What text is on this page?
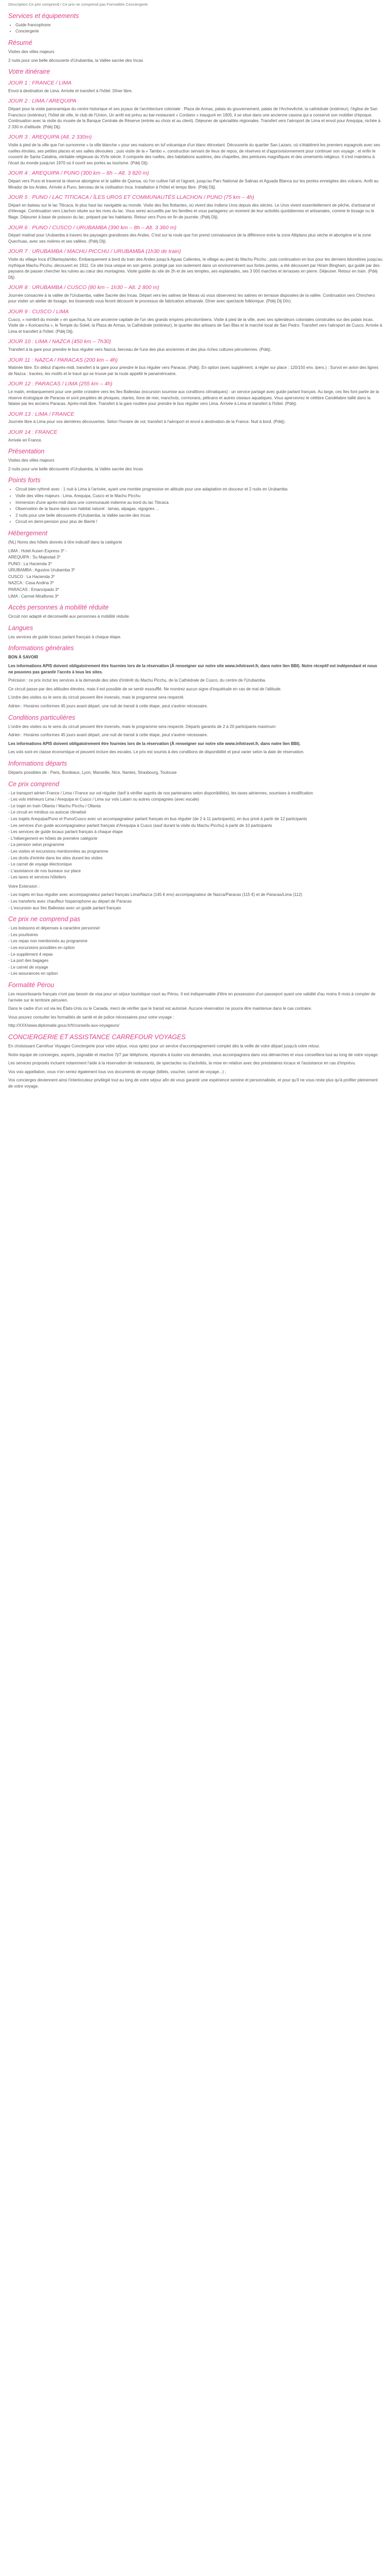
Description Ce prix comprend / Ce prix ne comprend pas Formalités Conciergerie

Services et équipements
• Guide francophone
• Conciergerie
Résumé

Visites des villes majeurs

2 nuits pour une belle découverte d'Urubamba, la Vallée sacrée des Incas

Votre itinéraire
JOUR 1 : FRANCE / LIMA

Envol à destination de Lima. Arrivée et transfert à l'hôtel. Dîner libre.

JOUR 2 : LIMA / AREQUIPA

Départ pour la visite panoramique du centre historique et ses joyaux de l'architecture coloniale : Plaza de Armas, palais du gouvernement, palais de l'Archevêché, la cathédrale (extérieur), l'église de San Francisco (extérieur), l'hôtel de ville, le club de l'Union, Un arrêt est prévu au bar-restaurant « Cordano » inauguré en 1905, il se situe dans une ancienne casona qui a conservé son mobilier d'époque. Continuation avec la visite du musée de la Banque Centrale de Réserve (entrée au choix et au client). Déjeuner de spécialités régionales. Transfert vers l'aéroport de Lima et envol pour Arequipa, nichée à 2 330 m d'altitude. (Pdéj Dlj).

JOUR 3 : AREQUIPA (Alt. 2 330m)

Visite à pied de la ville que l'on surnomme « la ville blanche » pour ses maisons en tuf volcanique d'un blanc étincelant. Découverte du quartier San Lazaro, où s'établirent les premiers espagnols avec ses ruelles étroites, ses petites places et ses salles dévouées ; puis visite de la « Tambo », construction servant de lieux de repos, de réserves et d'approvisionnement pour continuer son voyage ; et enfin le couvent de Santa Catalina, véritable religieuse du XVIe siècle. Il comporte des ruelles, des habitations austères, des chapelles, des peintures magnifiques et des ornements religieux. Il s'est maintenu à l'écart du monde jusqu'en 1970 où il ouvrit ses portes au tourisme. (Pdéj Dlj).

JOUR 4 : AREQUIPA / PUNO (300 km – 6h – Alt. 3 820 m)

Départ vers Puno et traversé la réserve aborigène et le sallée de Quinoa, où l'on cultive l'aïl et l'agrant, jusqu'au Parc National de Salinas et Aguada Blanca sur les pentes enneigées des volcans. Arrêt au Mirador de los Andes. Arrivée à Puno, berceau de la civilisation Inca. Installation à l'hôtel et temps libre. (Pdéj Dlj).

JOUR 5 : PUNO / LAC TITICACA / ÎLES UROS ET COMMUNAUTÉS LLACHON / PUNO (75 km – 4h)

Départ en bateau sur le lac Titicaca, le plus haut lac navigable au monde. Visite des îles flottantes, où vivent des Indiens Uros depuis des siècles. Le Uros vivent essentiellement de pêche, d'artisanat et d'élevage. Continuation vers Llachon située sur les rives du lac. Vous serez accueillis par les familles et vous partagerez un moment de leur activités quotidiennes et artisanales, comme le tissage ou le filage. Déjeuner à base de poisson du lac, préparé par les habitants. Retour vers Puno en fin de journée. (Pdéj Dlj).

JOUR 6 : PUNO / CUSCO / URUBAMBA (390 km – 8h – Alt. 3 360 m)

Départ matinal pour Urubamba à travers les paysages grandioses des Andes. C'est sur la route que l'on prend connaissance de la différence entre la zone Altiplano plus sèche et aborigène et la zone Quechuas, avec ses rivières et ses vallées. (Pdéj Dlj).

JOUR 7 : URUBAMBA / MACHU PICCHU / URUBAMBA (1h30 de train)

Visite du village Inca d'Ollantaytambo. Embarquement à bord du train des Andes jusqu'à Aguas Calientes, le village au pied du Machu Picchu ; puis continuation en bus pour les derniers kilomètres jusqu'au mythique Machu Picchu, découvert en 1911. Ce site Inca unique en son genre, protégé par son isolement dans un environnement aux fortes pentes, a été découvert par Hiram Bingham, qui guidé par des paysans de passer chercher les ruines au cœur des montagnes. Visite guidée du site de 2h et de ses temples, ses esplanades, ses 3 000 marches et terrasses en pierre. Déjeuner. Retour en train. (Pdéj Dlj).

JOUR 8 : URUBAMBA / CUSCO (80 km – 1h30 – Alt. 2 800 m)

Journée consacrée à la vallée de l'Urubamba, vallée Sacrée des Incas. Départ vers les salines de Maras où vous observerez les salines en terrasse disposées de la vallée. Continuation vers Chinchero pour visiter un atelier de tissage, les tisserands vous feront découvrir le processus de fabrication artisanale. Dîner avec spectacle folklorique. (Pdéj Dlj Dîn).

JOUR 9 : CUSCO / LIMA

Cusco, « nombril du monde » en quechua, fut une ancienne capitale de l'un des grands empires précolombiens. Visite à pied de la ville, avec ses splendeurs coloniales construites sur des palais incas. Visite de « Koricancha », le Temple du Soleil, la Plaza de Armas, la Cathédrale (extérieur), le quartier des artisans de San Blas et le marché local de San Pedro. Transfert vers l'aéroport de Cusco. Arrivée à Lima et transfert à l'hôtel. (Pdéj Dlj).

JOUR 10 : LIMA / NAZCA (450 km – 7h30)

Transfert à la gare pour prendre le bus régulier vers Nazca, berceau de l'une des plus anciennes et des plus riches cultures péruviennes. (Pdéj).

JOUR 11 : NAZCA / PARACAS (200 km – 4h)

Matinée libre. En début d'après-midi, transfert à la gare pour prendre le bus régulier vers Paracas. (Pdéj). En option (avec supplément, à régler sur place : 120/150 env. /pers.) : Survol en avion des lignes de Nazca : tracées, les motifs et le tracé qui se trouve par la route appellé le panaméricaine.

JOUR 12 : PARACAS / LIMA (255 km – 4h)

Le matin, embarquement pour une petite croisière vers les îles Ballestas (excursion soumise aux conditions climatiques) : un service partagé avec guide parlant français. Au large, ces îles font partie de la réserve écologique de Paracas et sont peuplées de phoques, otaries, lions de mer, manchots, cormorans, pélicans et autres oiseaux aquatiques. Vous apercevrez le célèbre Candélabre taillé dans la falaise par les anciens Paracas. Après-midi libre. Transfert à la gare routière pour prendre le bus régulier vers Lima. Arrivée à Lima et transfert à l'hôtel. (Pdéj).

JOUR 13 : LIMA / FRANCE

Journée libre à Lima pour vos dernières découvertes. Selon l'horaire de vol, transfert à l'aéroport et envol à destination de la France. Nuit à bord. (Pdéj).

JOUR 14 : FRANCE

Arrivée en France.

Présentation

Visites des villes majeurs

2 nuits pour une belle découverte d'Urubamba, la Vallée sacrée des Incas

Points forts
• Circuit bien rythmé avec : 1 nuit à Lima à l'arrivée, ayant une montée progressive en altitude pour une adaptation en douceur et 2 nuits en Urubamba
• Visite des villes majeurs : Lima, Arequipa, Cusco et le Machu Picchu
• Immersion d'une après-midi dans une communauté indienne au bord du lac Titicaca
• Observation de la faune dans son habitat naturel : lamas, alpagas, vigognes ...
• 2 nuits pour une belle découverte d'Urubamba, la Vallée sacrée des Incas
• Circuit en demi-pension pour plus de liberté !
Hébergement

(NL) Noms des hôtels donnés à titre indicatif dans la catégorie

LIMA : Hotel Ausen Express 3* -
AREQUIPA : Su Majestad 3*
PUNO : La Hacienda 3*
URUBAMBA : Agustos Urubamba 3*
CUSCO : La Hacienda 3*
NAZCA : Casa Andina 3*
PARACAS : Emancipado 3*
LIMA : Carmel Miraflores 3*
Accès personnes à mobilité réduite

Circuit non adapté et déconseillé aux personnes à mobilité réduite.

Langues

Les services de guide locaux parlant français à chaque étape.

Informations générales

BON À SAVOIR

Les informations APIS doivent obligatoirement être fournies lors de la réservation (À renseigner sur notre site www.infotravel.fr, dans notre lien BBI). Notre réceptif est indépendant et nous ne pouvons pas garantir l'accès à tous les sites.

Précision : ce prix inclut les services à la demande des sites d'intérêt du Machu Picchu, de la Cathédrale de Cusco, du centre de l'Urubamba.

Ce circuit passe par des altitudes élevées, mais il est possible de se sentir essoufflé. Ne montrez aucun signe d'inquiétude en cas de mal de l'altitude.

L'ordre des visites ou le sens du circuit peuvent être inversés, mais le programme sera respecté.

Adrien : Horaires conformes 45 jours avant départ, une nuit de transit à cette étape, peut s'avérer nécessaire.

Conditions particulières

L'ordre des visites ou le sens du circuit peuvent être inversés, mais le programme sera respecté. Départs garantis de 2 à 20 participants maximum

Adrien : Horaires conformes 45 jours avant départ, une nuit de transit à cette étape, peut s'avérer nécessaire.

Les informations APIS doivent obligatoirement être fournies lors de la réservation (À renseigner sur notre site www.infotravel.fr, dans notre lien BBI).

Les vols sont en classe économique et peuvent inclure des escales. Le prix est soumis à des conditions de disponibilité et peut varier selon la date de réservation.

Informations départs

Départs possibles de : Paris, Bordeaux, Lyon, Marseille, Nice, Nantes, Strasbourg, Toulouse

Ce prix comprend
- Le transport aérien France / Lima / France sur vol régulier (tarif à vérifier auprès de nos partenaires selon disponibilités), les taxes aériennes, soumises à modification
- Les vols intérieurs Lima / Arequipa et Cusco / Lima sur vols Latam ou autres compagnies (avec escale)
- Le trajet en train Ollanta / Machu Picchu / Ollanta
- Le circuit en minibus ou autocar climatisé
- Les trajets Arequipa/Puno et Puno/Cusco avec un accompagnateur parlant français en bus régulier (de 2 à 11 participants), en bus privé à partir de 12 participants
- Les services d'un guide accompagnateur parlant français d'Arequipa à Cusco (sauf durant la visite du Machu Picchu) à partir de 10 participants
- Les services de guide locaux parlant français à chaque étape
- L'hébergement en hôtels de première catégorie
- La pension selon programme
- Les visites et excursions mentionnées au programme
- Les droits d'entrée dans les sites durant les visites
- Le carnet de voyage électronique
- L'assistance de nos bureaux sur place
- Les taxes et services hôteliers

Votre Extension :

- Les trajets en bus régulier avec accompagnateur parlant français Lima/Nazca (145 € env) accompagnateur de Nazca/Paracas (115 €) et de Paracas/Lima (112)
- Les transferts avec chauffeur hispanophone au départ de Paracas
- L'excursion aux îles Ballestas avec un guide parlant français
Ce prix ne comprend pas
- Les boissons et dépenses à caractère personnel
- Les pourboires
- Les repas non mentionnés au programme
- Les excursions possibles en option
- Le supplément 4 repas
- La port des bagages
- Le carnet de voyage
- Les assurances en option
Formalité Pérou

Les ressortissants français n'ont pas besoin de visa pour un séjour touristique court au Pérou. Il est indispensable d'être en possession d'un passeport ayant une validité d'au moins 6 mois à compter de l'arrivée sur le territoire péruvien.

Dans le cadre d'un vol via les États-Unis ou le Canada, merci de vérifier que le transit est autorisé. Aucune réservation ne pourra être maintenue dans le cas contraire.

Vous pouvez consulter les formalités de santé et de police nécessaires pour votre voyage :

http://XXX/www.diplomatie.gouv.fr/fr/conseils-aux-voyageurs/

CONCIERGERIE ET ASSISTANCE CARREFOUR VOYAGES

En choisissant Carrefour Voyages Conciergerie pour votre séjour, vous optez pour un service d'accompagnement complet dès la veille de votre départ jusqu'à votre retour.

Notre équipe de concierges, experts, joignable et réactive 7j/7 par téléphone, répondra à toutes vos demandes, vous accompagnera dans vos démarches et vous conseillera tout au long de votre voyage.

Les services proposés incluent notamment l'aide à la réservation de restaurants, de spectacles ou d'activités, la mise en relation avec des prestataires locaux et l'assistance en cas d'imprévu.

Vos voix appellation, vous n'en seriez également tous vos documents de voyage (billets, voucher, carnet de voyage...) ;

Vos concierges deviennent ainsi l'interlocuteur privilégié tout au long de votre séjour afin de vous garantir une expérience sereine et personnalisée, et pour qu'il ne vous reste plus qu'à profiter pleinement de votre voyage.
